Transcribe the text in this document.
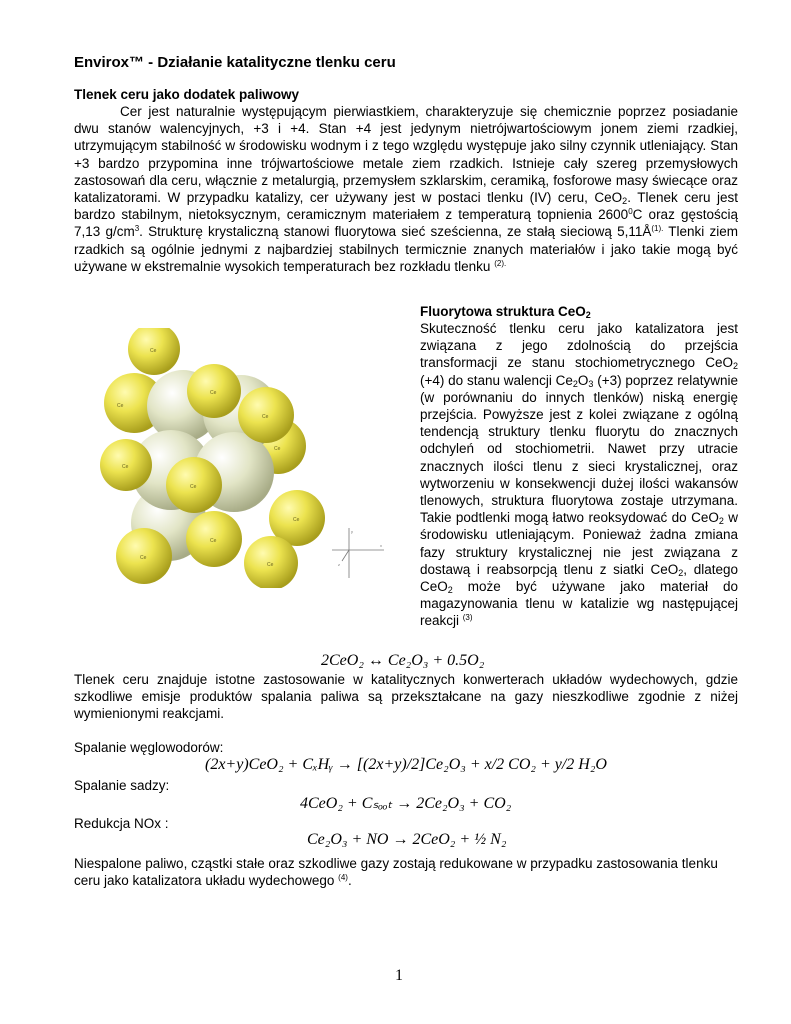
Envirox™ - Działanie katalityczne tlenku ceru
Tlenek ceru jako dodatek paliwowy
Cer jest naturalnie występującym pierwiastkiem, charakteryzuje się chemicznie poprzez posiadanie dwu stanów walencyjnych, +3 i +4. Stan +4 jest jedynym nietrójwartościowym jonem ziemi rzadkiej, utrzymującym stabilność w środowisku wodnym i z tego względu występuje jako silny czynnik utleniający. Stan +3 bardzo przypomina inne trójwartościowe metale ziem rzadkich. Istnieje cały szereg przemysłowych zastosowań dla ceru, włącznie z metalurgią, przemysłem szklarskim, ceramiką, fosforowe masy świecące oraz katalizatorami. W przypadku katalizy, cer używany jest w postaci tlenku (IV) ceru, CeO$_2$. Tlenek ceru jest bardzo stabilnym, nietoksycznym, ceramicznym materiałem z temperaturą topnienia 2600$^0$C oraz gęstością 7,13 $g/cm^3$. Strukturę krystaliczną stanowi fluorytowa sieć sześcienna, ze stałą sieciową $5,11Å^{(1).}$ Tlenki ziem rzadkich są ogólnie jednymi z najbardziej stabilnych termicznie znanych materiałów i jako takie mogą być używane w ekstremalnie wysokich temperaturach bez rozkładu tlenku $^{(2).}$
Ce
Ce
Ce
Ce
Ce
Ce
Ce
Ce
Ce
Ce
Ce
y
x
z
Fluorytowa struktura CeO$_2$
Skuteczność tlenku ceru jako katalizatora jest związana z jego zdolnością do przejścia transformacji ze stanu stochiometrycznego CeO$_2$ (+4) do stanu walencji $Ce_2O_3$ (+3) poprzez relatywnie (w porównaniu do innych tlenków) niską energię przejścia. Powyższe jest z kolei związane z ogólną tendencją struktury tlenku fluorytu do znacznych odchyleń od stochiometrii. Nawet przy utracie znacznych ilości tlenu z sieci krystalicznej, oraz wytworzeniu w konsekwencji dużej ilości wakansów tlenowych, struktura fluorytowa zostaje utrzymana. Takie podtlenki mogą łatwo reoksydować do CeO$_2$ w środowisku utleniającym. Ponieważ żadna zmiana fazy struktury krystalicznej nie jest związana z dostawą i reabsorpcją tlenu z siatki CeO$_2$, dlatego CeO$_2$ może być używane jako materiał do magazynowania tlenu w katalizie wg następującej reakcji $^{(3)}$
2CeO₂ ↔ Ce₂O₃ + 0.5O₂
Tlenek ceru znajduje istotne zastosowanie w katalitycznych konwerterach układów wydechowych, gdzie szkodliwe emisje produktów spalania paliwa są przekształcane na gazy nieszkodliwe zgodnie z niżej wymienionymi reakcjami.
Spalanie węglowodorów:
(2x+y)CeO₂ + CₓHᵧ → [(2x+y)/2]Ce₂O₃ + x/2 CO₂ + y/2 H₂O
Spalanie sadzy:
4CeO₂ + Cₛₒₒₜ → 2Ce₂O₃ + CO₂
Redukcja NOx :
Ce₂O₃ + NO → 2CeO₂ + ½ N₂
Niespalone paliwo, cząstki stałe oraz szkodliwe gazy zostają redukowane w przypadku zastosowania tlenku ceru jako katalizatora układu wydechowego $^{(4)}$.
1
